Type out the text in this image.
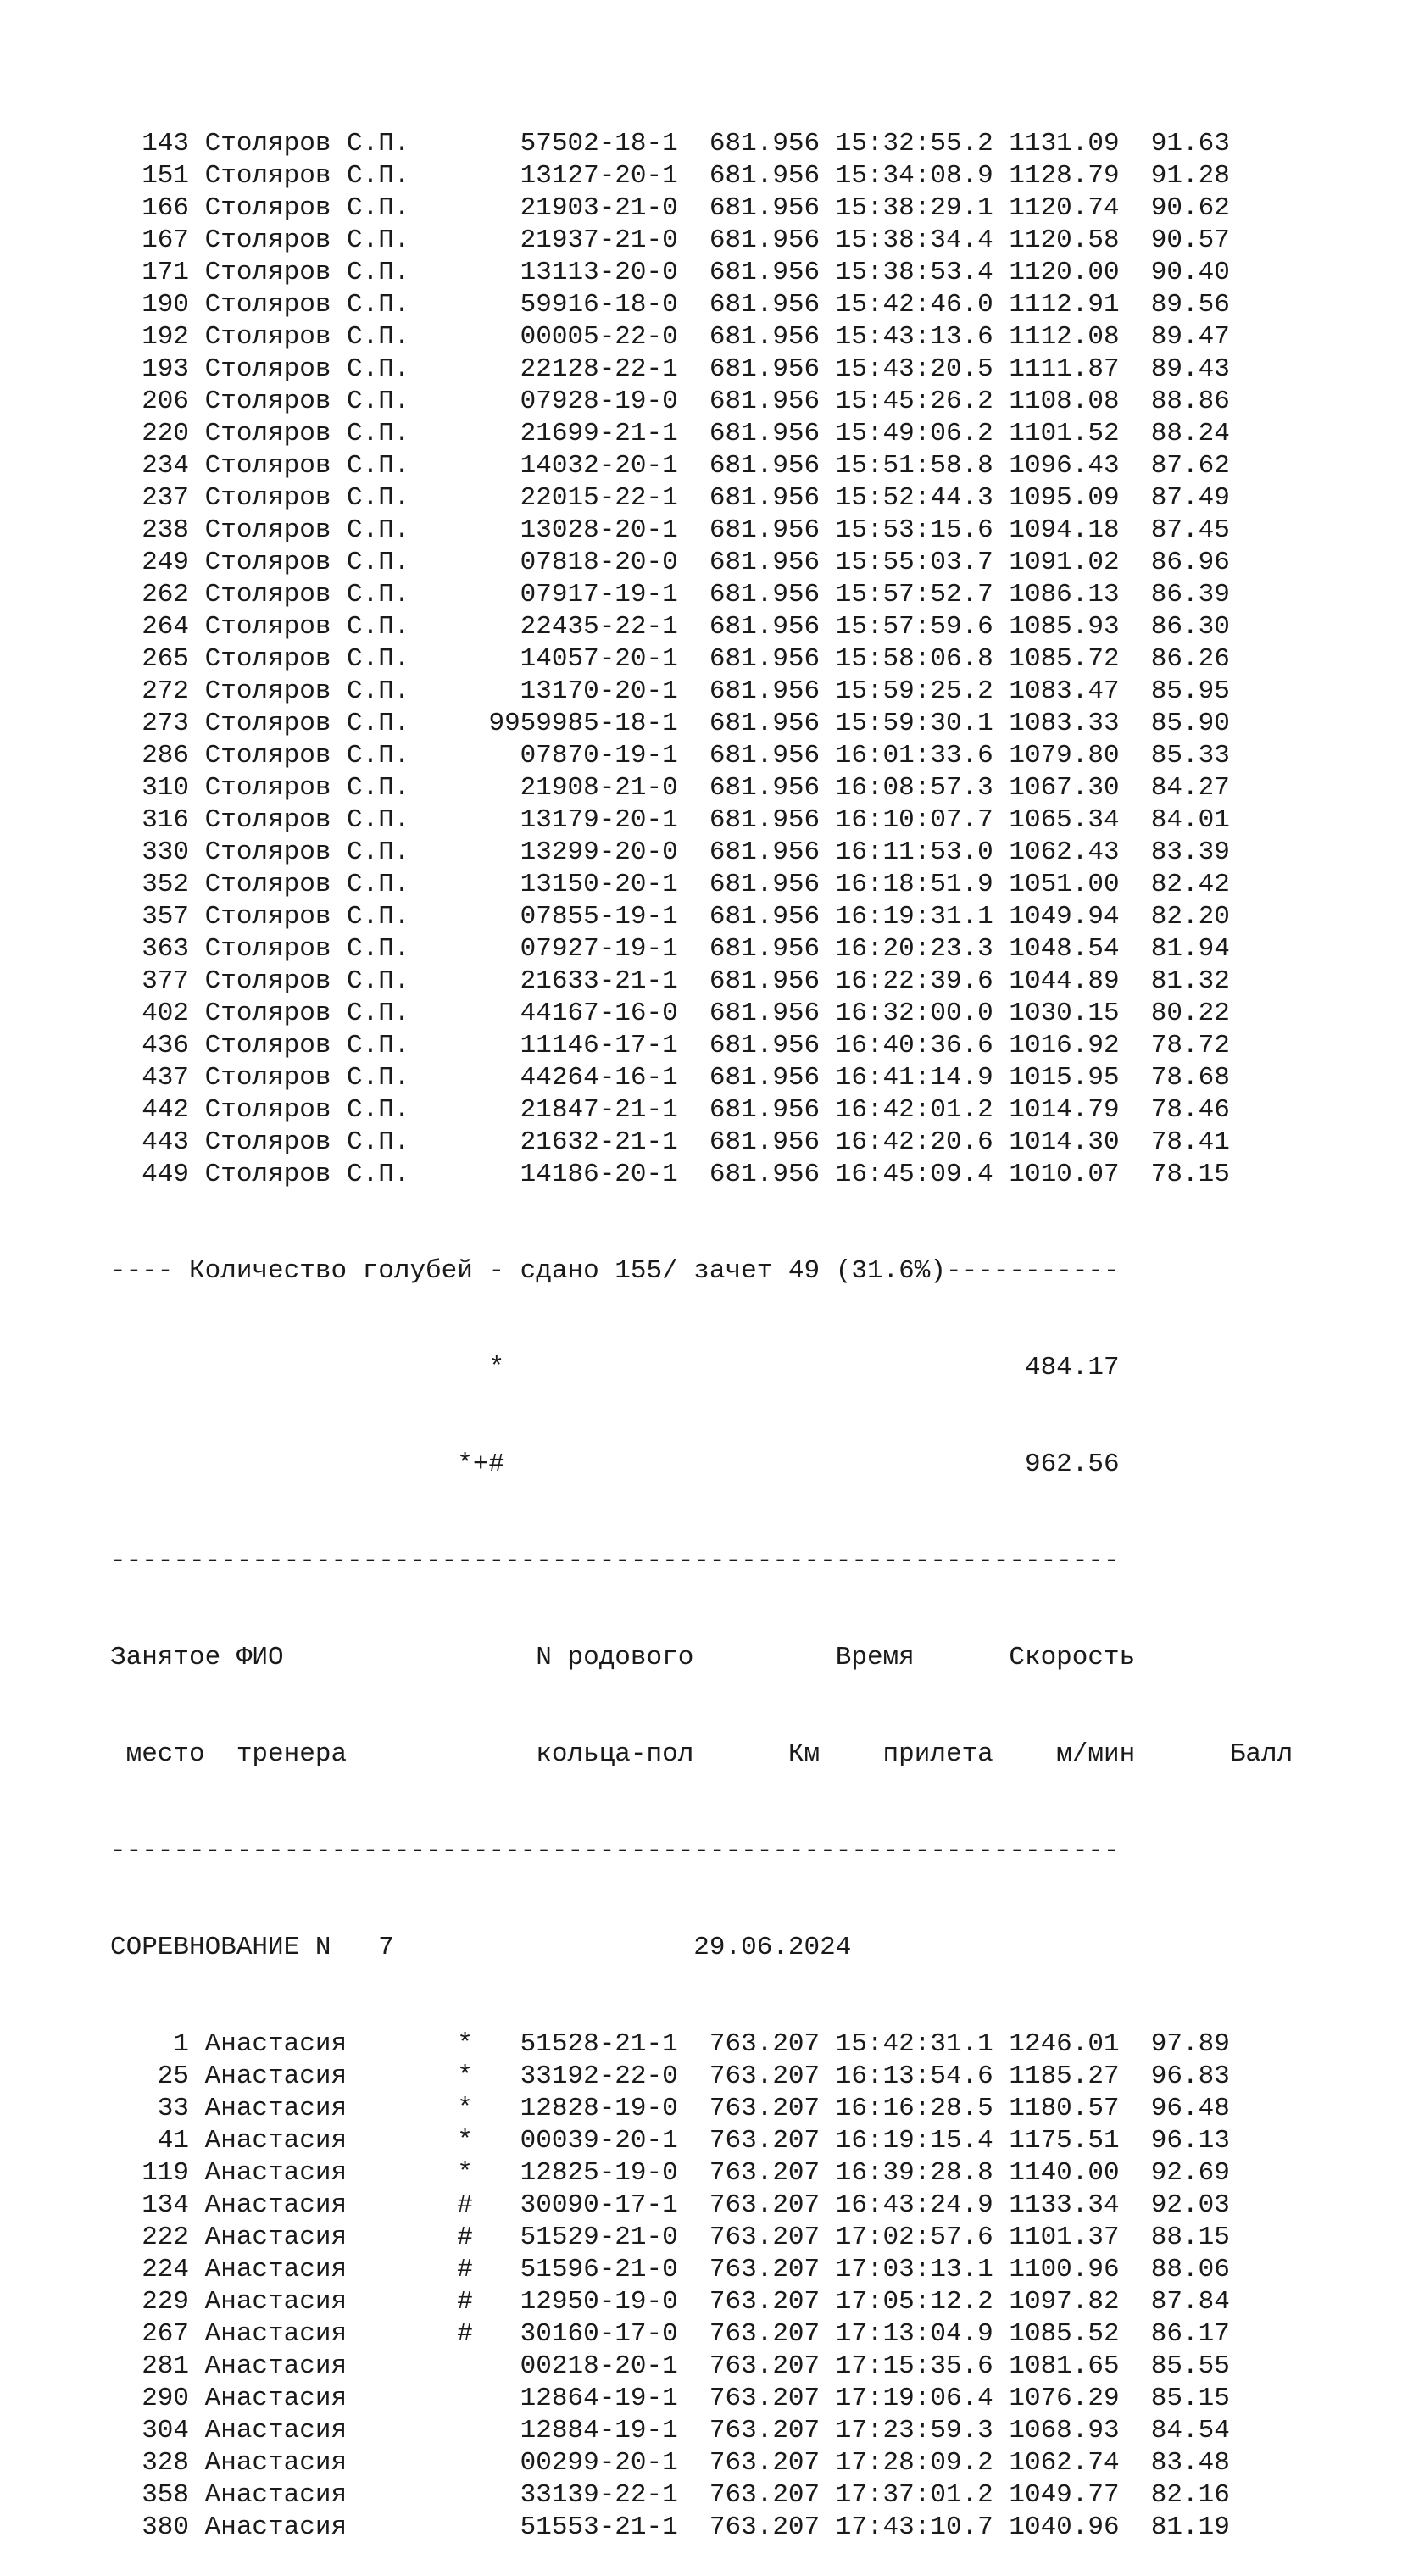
143 Столяров С.П.       57502-18-1  681.956 15:32:55.2 1131.09  91.63
151 Столяров С.П.       13127-20-1  681.956 15:34:08.9 1128.79  91.28
166 Столяров С.П.       21903-21-0  681.956 15:38:29.1 1120.74  90.62
167 Столяров С.П.       21937-21-0  681.956 15:38:34.4 1120.58  90.57
171 Столяров С.П.       13113-20-0  681.956 15:38:53.4 1120.00  90.40
190 Столяров С.П.       59916-18-0  681.956 15:42:46.0 1112.91  89.56
192 Столяров С.П.       00005-22-0  681.956 15:43:13.6 1112.08  89.47
193 Столяров С.П.       22128-22-1  681.956 15:43:20.5 1111.87  89.43
206 Столяров С.П.       07928-19-0  681.956 15:45:26.2 1108.08  88.86
220 Столяров С.П.       21699-21-1  681.956 15:49:06.2 1101.52  88.24
234 Столяров С.П.       14032-20-1  681.956 15:51:58.8 1096.43  87.62
237 Столяров С.П.       22015-22-1  681.956 15:52:44.3 1095.09  87.49
238 Столяров С.П.       13028-20-1  681.956 15:53:15.6 1094.18  87.45
249 Столяров С.П.       07818-20-0  681.956 15:55:03.7 1091.02  86.96
262 Столяров С.П.       07917-19-1  681.956 15:57:52.7 1086.13  86.39
264 Столяров С.П.       22435-22-1  681.956 15:57:59.6 1085.93  86.30
265 Столяров С.П.       14057-20-1  681.956 15:58:06.8 1085.72  86.26
272 Столяров С.П.       13170-20-1  681.956 15:59:25.2 1083.47  85.95
273 Столяров С.П.     9959985-18-1  681.956 15:59:30.1 1083.33  85.90
286 Столяров С.П.       07870-19-1  681.956 16:01:33.6 1079.80  85.33
310 Столяров С.П.       21908-21-0  681.956 16:08:57.3 1067.30  84.27
316 Столяров С.П.       13179-20-1  681.956 16:10:07.7 1065.34  84.01
330 Столяров С.П.       13299-20-0  681.956 16:11:53.0 1062.43  83.39
352 Столяров С.П.       13150-20-1  681.956 16:18:51.9 1051.00  82.42
357 Столяров С.П.       07855-19-1  681.956 16:19:31.1 1049.94  82.20
363 Столяров С.П.       07927-19-1  681.956 16:20:23.3 1048.54  81.94
377 Столяров С.П.       21633-21-1  681.956 16:22:39.6 1044.89  81.32
402 Столяров С.П.       44167-16-0  681.956 16:32:00.0 1030.15  80.22
436 Столяров С.П.       11146-17-1  681.956 16:40:36.6 1016.92  78.72
437 Столяров С.П.       44264-16-1  681.956 16:41:14.9 1015.95  78.68
442 Столяров С.П.       21847-21-1  681.956 16:42:01.2 1014.79  78.46
443 Столяров С.П.       21632-21-1  681.956 16:42:20.6 1014.30  78.41
449 Столяров С.П.       14186-20-1  681.956 16:45:09.4 1010.07  78.15

---- Количество голубей - сдано 155/ зачет 49 (31.6%)-----------

*                                 484.17

*+#                                 962.56

----------------------------------------------------------------

Занятое ФИО                N родового         Время      Скорость

место  тренера            кольца-пол      Км    прилета    м/мин      Балл

----------------------------------------------------------------

СОРЕВНОВАНИЕ N   7                   29.06.2024

1 Анастасия       *   51528-21-1  763.207 15:42:31.1 1246.01  97.89
25 Анастасия       *   33192-22-0  763.207 16:13:54.6 1185.27  96.83
33 Анастасия       *   12828-19-0  763.207 16:16:28.5 1180.57  96.48
41 Анастасия       *   00039-20-1  763.207 16:19:15.4 1175.51  96.13
119 Анастасия       *   12825-19-0  763.207 16:39:28.8 1140.00  92.69
134 Анастасия       #   30090-17-1  763.207 16:43:24.9 1133.34  92.03
222 Анастасия       #   51529-21-0  763.207 17:02:57.6 1101.37  88.15
224 Анастасия       #   51596-21-0  763.207 17:03:13.1 1100.96  88.06
229 Анастасия       #   12950-19-0  763.207 17:05:12.2 1097.82  87.84
267 Анастасия       #   30160-17-0  763.207 17:13:04.9 1085.52  86.17
281 Анастасия           00218-20-1  763.207 17:15:35.6 1081.65  85.55
290 Анастасия           12864-19-1  763.207 17:19:06.4 1076.29  85.15
304 Анастасия           12884-19-1  763.207 17:23:59.3 1068.93  84.54
328 Анастасия           00299-20-1  763.207 17:28:09.2 1062.74  83.48
358 Анастасия           33139-22-1  763.207 17:37:01.2 1049.77  82.16
380 Анастасия           51553-21-1  763.207 17:43:10.7 1040.96  81.19
